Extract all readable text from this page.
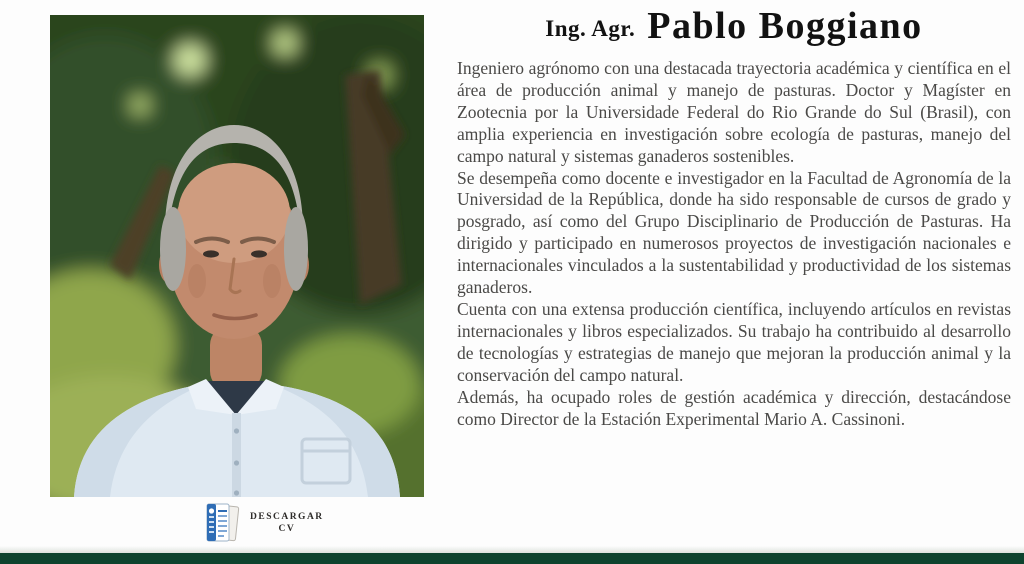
DESCARGAR
CV
Ing. Agr. Pablo Boggiano

Ingeniero agrónomo con una destacada trayectoria académica y científica en el área de producción animal y manejo de pasturas. Doctor y Magíster en Zootecnia por la Universidade Federal do Rio Grande do Sul (Brasil), con amplia experiencia en investigación sobre ecología de pasturas, manejo del campo natural y sistemas ganaderos sostenibles.

Se desempeña como docente e investigador en la Facultad de Agronomía de la Universidad de la República, donde ha sido responsable de cursos de grado y posgrado, así como del Grupo Disciplinario de Producción de Pasturas. Ha dirigido y participado en numerosos proyectos de investigación nacionales e internacionales vinculados a la sustentabilidad y productividad de los sistemas ganaderos.

Cuenta con una extensa producción científica, incluyendo artículos en revistas internacionales y libros especializados. Su trabajo ha contribuido al desarrollo de tecnologías y estrategias de manejo que mejoran la producción animal y la conservación del campo natural.

Además, ha ocupado roles de gestión académica y dirección, destacándose como Director de la Estación Experimental Mario A. Cassinoni.
